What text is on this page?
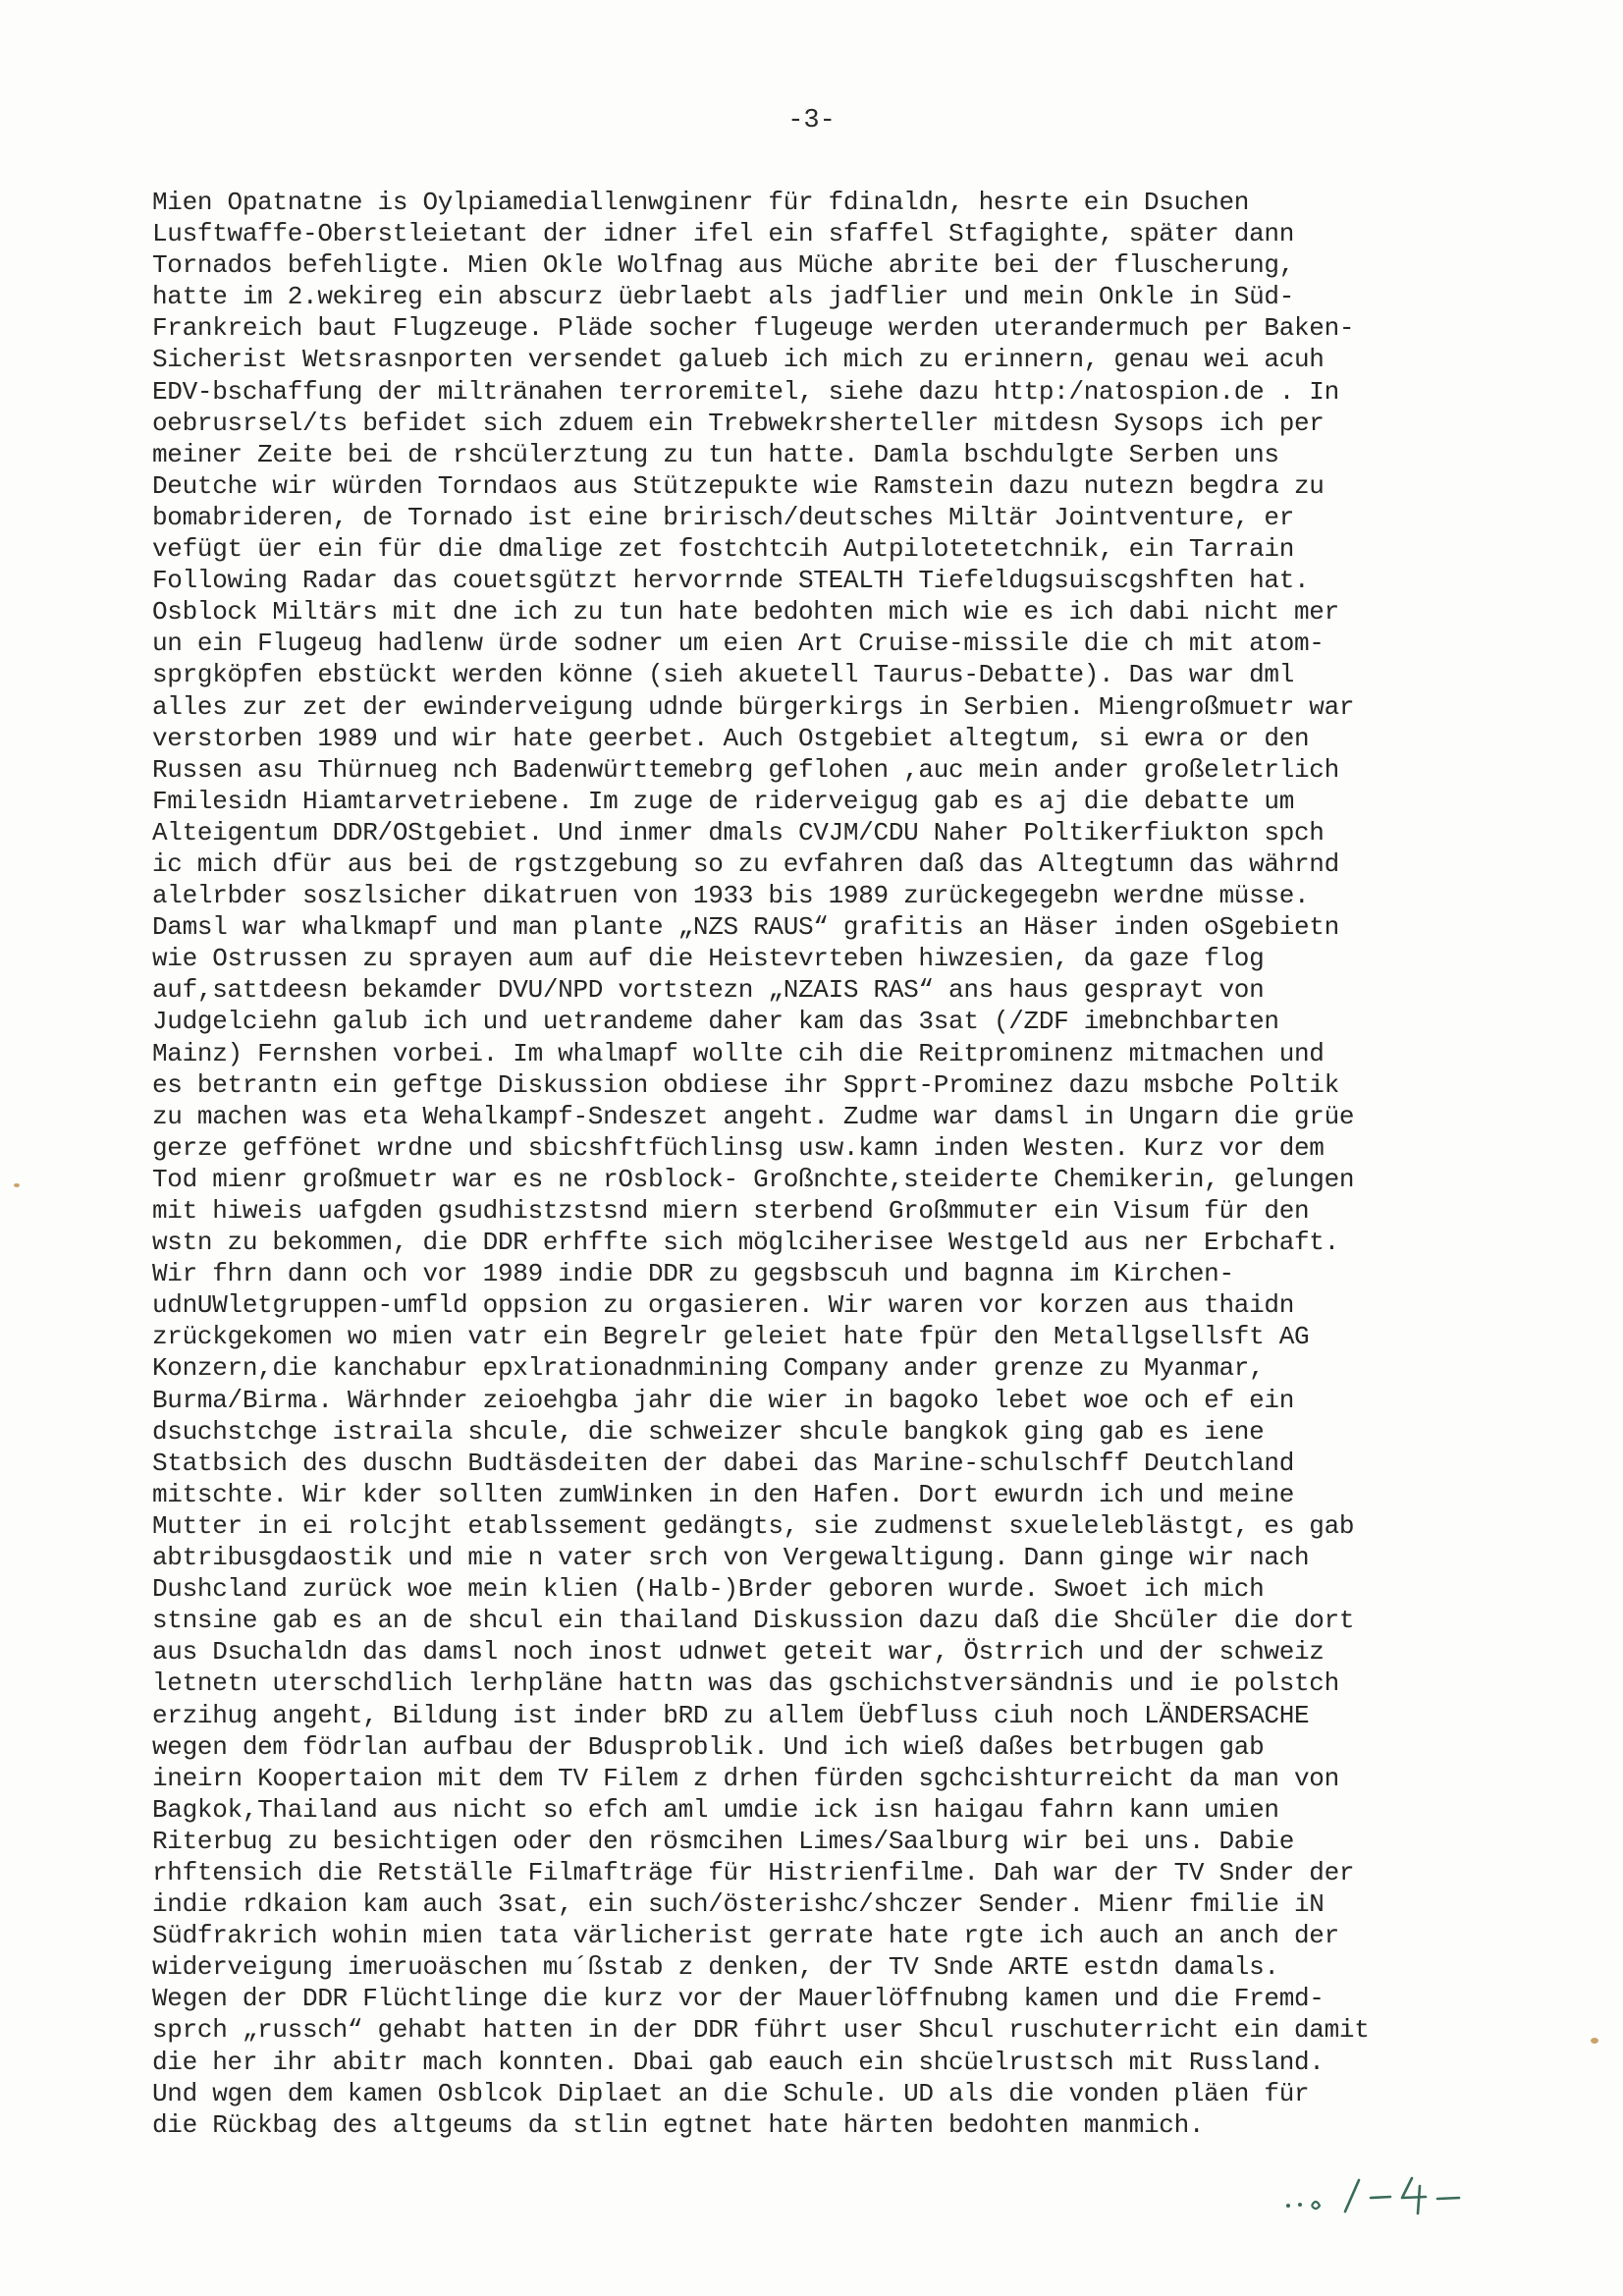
-3-
Mien Opatnatne is Oylpiamediallenwginenr für fdinaldn, hesrte ein Dsuchen
Lusftwaffe-Oberstleietant der idner ifel ein sfaffel Stfagighte, später dann
Tornados befehligte. Mien Okle Wolfnag aus Müche abrite bei der fluscherung,
hatte im 2.wekireg ein abscurz üebrlaebt als jadflier und mein Onkle in Süd-
Frankreich baut Flugzeuge. Pläde socher flugeuge werden uterandermuch per Baken-
Sicherist Wetsrasnporten versendet galueb ich mich zu erinnern, genau wei acuh
EDV-bschaffung der miltränahen terroremitel, siehe dazu http:/natospion.de . In
oebrusrsel/ts befidet sich zduem ein Trebwekrsherteller mitdesn Sysops ich per
meiner Zeite bei de rshcülerztung zu tun hatte. Damla bschdulgte Serben uns
Deutche wir würden Torndaos aus Stützepukte wie Ramstein dazu nutezn begdra zu
bomabrideren, de Tornado ist eine bririsch/deutsches Miltär Jointventure, er
vefügt üer ein für die dmalige zet fostchtcih Autpilotetetchnik, ein Tarrain
Following Radar das couetsgützt hervorrnde STEALTH Tiefeldugsuiscgshften hat.
Osblock Miltärs mit dne ich zu tun hate bedohten mich wie es ich dabi nicht mer
un ein Flugeug hadlenw ürde sodner um eien Art Cruise-missile die ch mit atom-
sprgköpfen ebstückt werden könne (sieh akuetell Taurus-Debatte). Das war dml
alles zur zet der ewinderveigung udnde bürgerkirgs in Serbien. Miengroßmuetr war
verstorben 1989 und wir hate geerbet. Auch Ostgebiet altegtum, si ewra or den
Russen asu Thürnueg nch Badenwürttemebrg geflohen ,auc mein ander großeletrlich
Fmilesidn Hiamtarvetriebene. Im zuge de riderveigug gab es aj die debatte um
Alteigentum DDR/OStgebiet. Und inmer dmals CVJM/CDU Naher Poltikerfiukton spch
ic mich dfür aus bei de rgstzgebung so zu evfahren daß das Altegtumn das währnd
alelrbder soszlsicher dikatruen von 1933 bis 1989 zurückegegebn werdne müsse.
Damsl war whalkmapf und man plante „NZS RAUS“ grafitis an Häser inden oSgebietn
wie Ostrussen zu sprayen aum auf die Heistevrteben hiwzesien, da gaze flog
auf,sattdeesn bekamder DVU/NPD vortstezn „NZAIS RAS“ ans haus gesprayt von
Judgelciehn galub ich und uetrandeme daher kam das 3sat (/ZDF imebnchbarten
Mainz) Fernshen vorbei. Im whalmapf wollte cih die Reitprominenz mitmachen und
es betrantn ein geftge Diskussion obdiese ihr Spprt-Prominez dazu msbche Poltik
zu machen was eta Wehalkampf-Sndeszet angeht. Zudme war damsl in Ungarn die grüe
gerze geffönet wrdne und sbicshftfüchlinsg usw.kamn inden Westen. Kurz vor dem
Tod mienr großmuetr war es ne rOsblock- Großnchte,steiderte Chemikerin, gelungen
mit hiweis uafgden gsudhistzstsnd miern sterbend Großmmuter ein Visum für den
wstn zu bekommen, die DDR erhffte sich möglciherisee Westgeld aus ner Erbchaft.
Wir fhrn dann och vor 1989 indie DDR zu gegsbscuh und bagnna im Kirchen-
udnUWletgruppen-umfld oppsion zu orgasieren. Wir waren vor korzen aus thaidn
zrückgekomen wo mien vatr ein Begrelr geleiet hate fpür den Metallgsellsft AG
Konzern,die kanchabur epxlrationadnmining Company ander grenze zu Myanmar,
Burma/Birma. Wärhnder zeioehgba jahr die wier in bagoko lebet woe och ef ein
dsuchstchge istraila shcule, die schweizer shcule bangkok ging gab es iene
Statbsich des duschn Budtäsdeiten der dabei das Marine-schulschff Deutchland
mitschte. Wir kder sollten zumWinken in den Hafen. Dort ewurdn ich und meine
Mutter in ei rolcjht etablssement gedängts, sie zudmenst sxueleleblästgt, es gab
abtribusgdaostik und mie n vater srch von Vergewaltigung. Dann ginge wir nach
Dushcland zurück woe mein klien (Halb-)Brder geboren wurde. Swoet ich mich
stnsine gab es an de shcul ein thailand Diskussion dazu daß die Shcüler die dort
aus Dsuchaldn das damsl noch inost udnwet geteit war, Östrrich und der schweiz
letnetn uterschdlich lerhpläne hattn was das gschichstversändnis und ie polstch
erzihug angeht, Bildung ist inder bRD zu allem Üebfluss ciuh noch LÄNDERSACHE
wegen dem födrlan aufbau der Bdusproblik. Und ich wieß daßes betrbugen gab
ineirn Koopertaion mit dem TV Filem z drhen fürden sgchcishturreicht da man von
Bagkok,Thailand aus nicht so efch aml umdie ick isn haigau fahrn kann umien
Riterbug zu besichtigen oder den rösmcihen Limes/Saalburg wir bei uns. Dabie
rhftensich die Retställe Filmafträge für Histrienfilme. Dah war der TV Snder der
indie rdkaion kam auch 3sat, ein such/österishc/shczer Sender. Mienr fmilie iN
Südfrakrich wohin mien tata värlicherist gerrate hate rgte ich auch an anch der
widerveigung imeruoäschen mu´ßstab z denken, der TV Snde ARTE estdn damals.
Wegen der DDR Flüchtlinge die kurz vor der Mauerlöffnubng kamen und die Fremd-
sprch „russch“ gehabt hatten in der DDR führt user Shcul ruschuterricht ein damit
die her ihr abitr mach konnten. Dbai gab eauch ein shcüelrustsch mit Russland.
Und wgen dem kamen Osblcok Diplaet an die Schule. UD als die vonden pläen für
die Rückbag des altgeums da stlin egtnet hate härten bedohten manmich.
